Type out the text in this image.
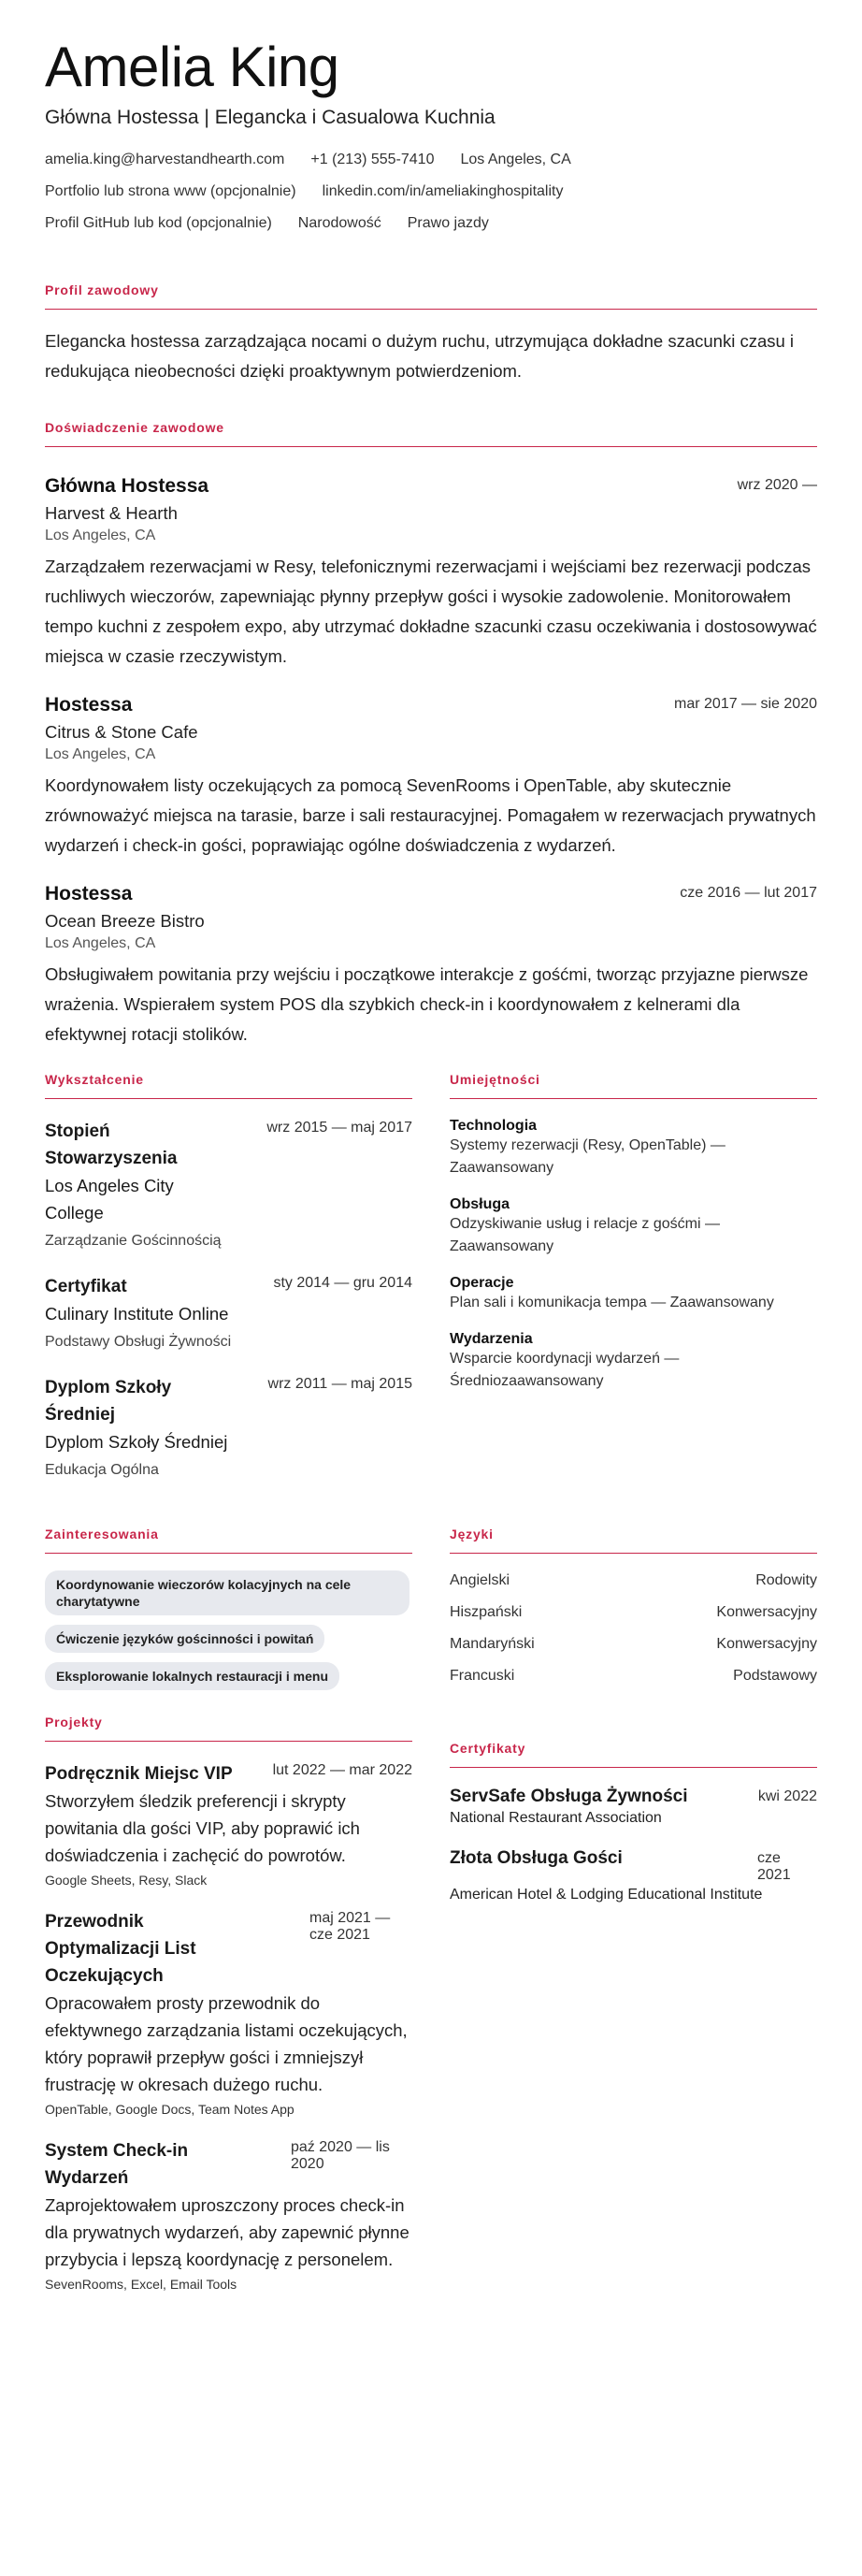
Amelia King
Główna Hostessa | Elegancka i Casualowa Kuchnia
amelia.king@harvestandhearth.com +1 (213) 555-7410 Los Angeles, CA
Portfolio lub strona www (opcjonalnie) linkedin.com/in/ameliakinghospitality
Profil GitHub lub kod (opcjonalnie) Narodowość Prawo jazdy
Profil zawodowy
Elegancka hostessa zarządzająca nocami o dużym ruchu, utrzymująca dokładne szacunki czasu i redukująca nieobecności dzięki proaktywnym potwierdzeniom.
Doświadczenie zawodowe
Główna Hostessa	wrz 2020 —
Harvest & Hearth
Los Angeles, CA
Zarządzałem rezerwacjami w Resy, telefonicznymi rezerwacjami i wejściami bez rezerwacji podczas ruchliwych wieczorów, zapewniając płynny przepływ gości i wysokie zadowolenie. Monitorowałem tempo kuchni z zespołem expo, aby utrzymać dokładne szacunki czasu oczekiwania i dostosowywać miejsca w czasie rzeczywistym.
Hostessa	mar 2017 — sie 2020
Citrus & Stone Cafe
Los Angeles, CA
Koordynowałem listy oczekujących za pomocą SevenRooms i OpenTable, aby skutecznie zrównoważyć miejsca na tarasie, barze i sali restauracyjnej. Pomagałem w rezerwacjach prywatnych wydarzeń i check-in gości, poprawiając ogólne doświadczenia z wydarzeń.
Hostessa	cze 2016 — lut 2017
Ocean Breeze Bistro
Los Angeles, CA
Obsługiwałem powitania przy wejściu i początkowe interakcje z gośćmi, tworząc przyjazne pierwsze wrażenia. Wspierałem system POS dla szybkich check-in i koordynowałem z kelnerami dla efektywnej rotacji stolików.
Wykształcenie
Stopień Stowarzyszenia
wrz 2015 — maj 2017
Los Angeles City College
Zarządzanie Gościnnością
Certyfikat	sty 2014 — gru 2014
Culinary Institute Online
Podstawy Obsługi Żywności
Dyplom Szkoły Średniej
wrz 2011 — maj 2015
Dyplom Szkoły Średniej
Edukacja Ogólna
Umiejętności
Technologia
Systemy rezerwacji (Resy, OpenTable) — Zaawansowany
Obsługa
Odzyskiwanie usług i relacje z gośćmi — Zaawansowany
Operacje
Plan sali i komunikacja tempa — Zaawansowany
Wydarzenia
Wsparcie koordynacji wydarzeń — Średniozaawansowany
Zainteresowania
Koordynowanie wieczorów kolacyjnych na cele charytatywne
Ćwiczenie języków gościnności i powitań
Eksplorowanie lokalnych restauracji i menu
Języki
Angielski	Rodowity
Hiszpański	Konwersacyjny
Mandaryński	Konwersacyjny
Francuski	Podstawowy
Projekty
Podręcznik Miejsc VIP	lut 2022 — mar 2022
Stworzyłem śledzik preferencji i skrypty powitania dla gości VIP, aby poprawić ich doświadczenia i zachęcić do powrotów.
Google Sheets, Resy, Slack
Przewodnik Optymalizacji List Oczekujących
maj 2021 — cze 2021
Opracowałem prosty przewodnik do efektywnego zarządzania listami oczekujących, który poprawił przepływ gości i zmniejszył frustrację w okresach dużego ruchu.
OpenTable, Google Docs, Team Notes App
System Check-in Wydarzeń
paź 2020 — lis 2020
Zaprojektowałem uproszczony proces check-in dla prywatnych wydarzeń, aby zapewnić płynne przybycia i lepszą koordynację z personelem.
SevenRooms, Excel, Email Tools
Certyfikaty
ServSafe Obsługa Żywności	kwi 2022
National Restaurant Association
Złota Obsługa Gości	cze 2021
American Hotel & Lodging Educational Institute
